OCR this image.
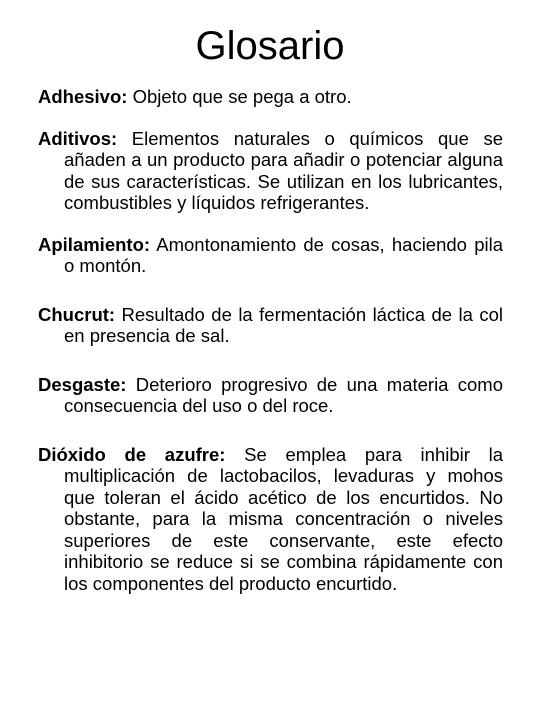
Glosario

Adhesivo: Objeto que se pega a otro.

Aditivos: Elementos naturales o químicos que se añaden a un producto para añadir o potenciar alguna de sus características. Se utilizan en los lubricantes, combustibles y líquidos refrigerantes.

Apilamiento: Amontonamiento de cosas, haciendo pila o montón.

Chucrut: Resultado de la fermentación láctica de la col en presencia de sal.

Desgaste: Deterioro progresivo de una materia como consecuencia del uso o del roce.

Dióxido de azufre: Se emplea para inhibir la multiplicación de lactobacilos, levaduras y mohos que toleran el ácido acético de los encurtidos. No obstante, para la misma concentración o niveles superiores de este conservante, este efecto inhibitorio se reduce si se combina rápidamente con los componentes del producto encurtido.
